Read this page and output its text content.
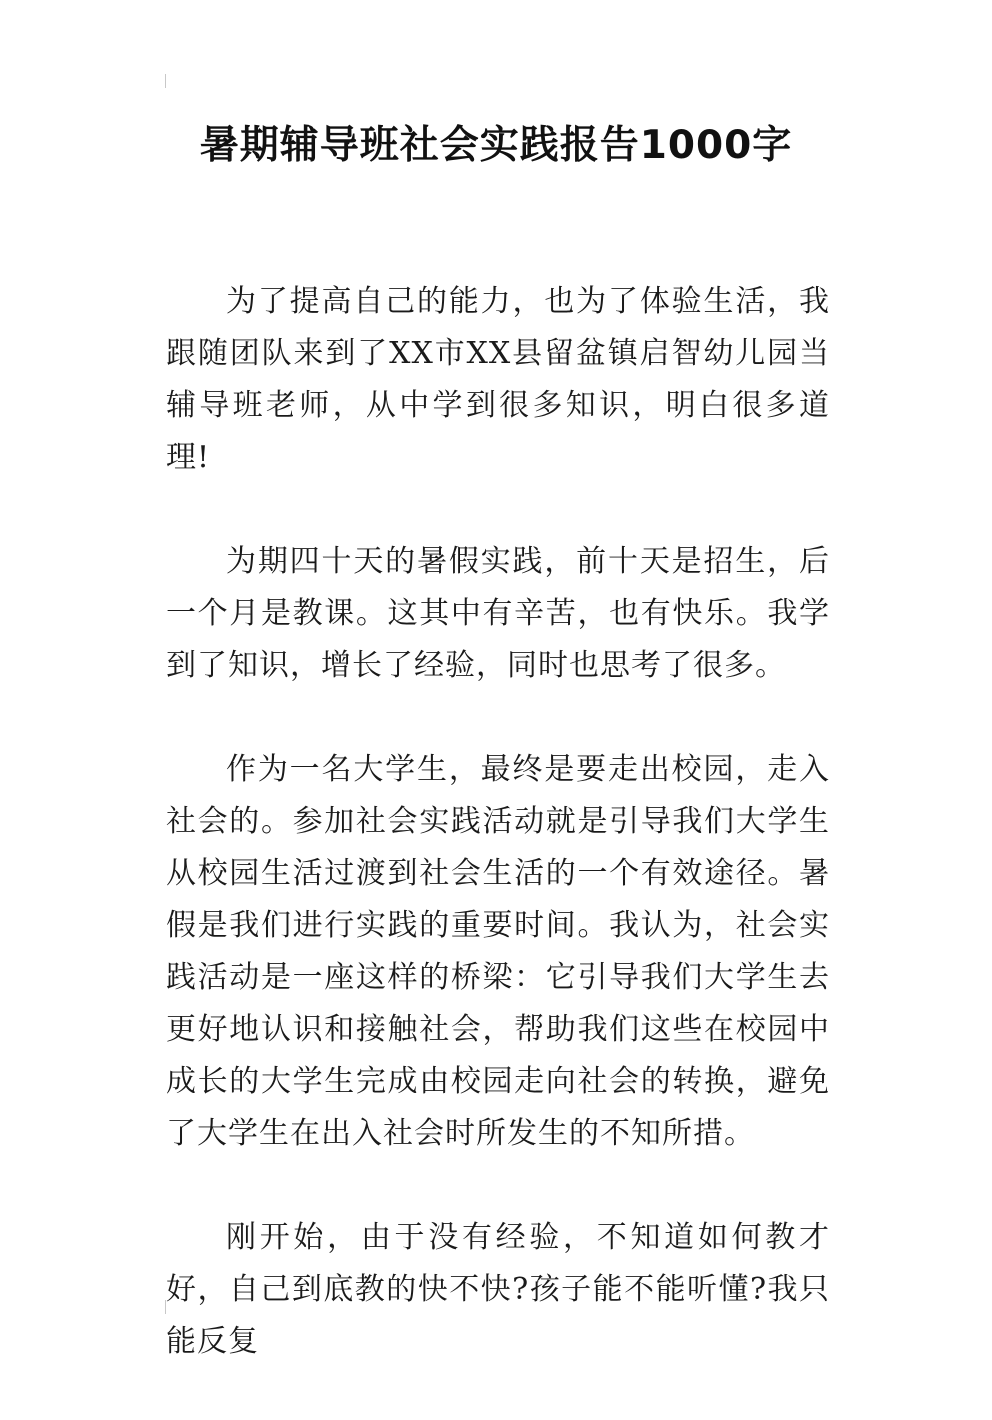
暑期辅导班社会实践报告1000字

为了提高自己的能力，也为了体验生活，我跟随团队来到了XX市XX县留盆镇启智幼儿园当辅导班老师，从中学到很多知识，明白很多道理!

为期四十天的暑假实践，前十天是招生，后一个月是教课。这其中有辛苦，也有快乐。我学到了知识，增长了经验，同时也思考了很多。

作为一名大学生，最终是要走出校园，走入社会的。参加社会实践活动就是引导我们大学生从校园生活过渡到社会生活的一个有效途径。暑假是我们进行实践的重要时间。我认为，社会实践活动是一座这样的桥梁：它引导我们大学生去更好地认识和接触社会，帮助我们这些在校园中成长的大学生完成由校园走向社会的转换，避免了大学生在出入社会时所发生的不知所措。

刚开始，由于没有经验，不知道如何教才好，自己到底教的快不快?孩子能不能听懂?我只能反复
